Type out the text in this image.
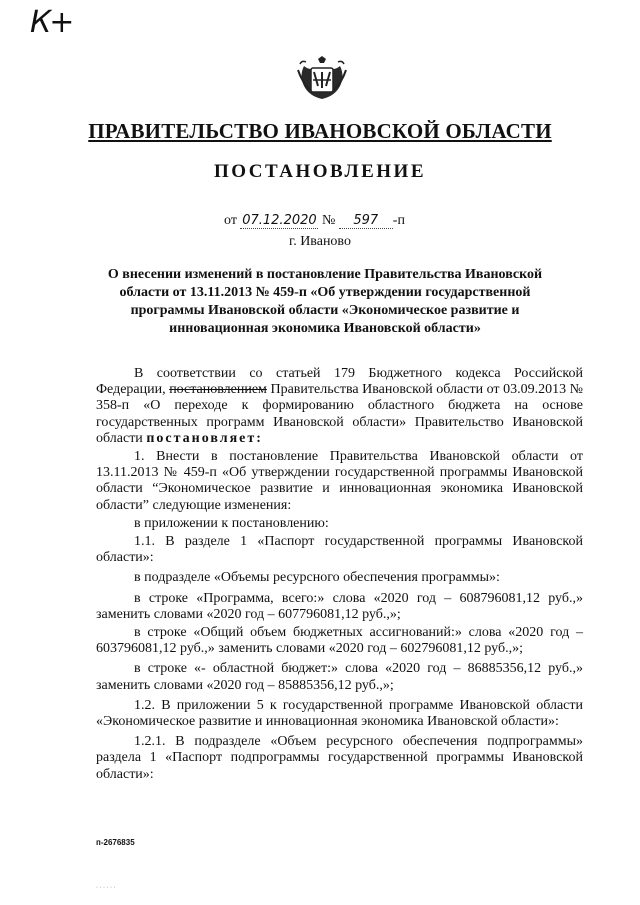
К+
ПРАВИТЕЛЬСТВО ИВАНОВСКОЙ ОБЛАСТИ
ПОСТАНОВЛЕНИЕ
от 07.12.2020 № 597 -п
г. Иваново
О внесении изменений в постановление Правительства Ивановской области от 13.11.2013 № 459-п «Об утверждении государственной программы Ивановской области «Экономическое развитие и инновационная экономика Ивановской области»

В соответствии со статьей 179 Бюджетного кодекса Российской Федерации, постановлением Правительства Ивановской области от 03.09.2013 № 358-п «О переходе к формированию областного бюджета на основе государственных программ Ивановской области» Правительство Ивановской области постановляет:

1. Внести в постановление Правительства Ивановской области от 13.11.2013 № 459-п «Об утверждении государственной программы Ивановской области “Экономическое развитие и инновационная экономика Ивановской области” следующие изменения:

в приложении к постановлению:

1.1. В разделе 1 «Паспорт государственной программы Ивановской области»:

в подразделе «Объемы ресурсного обеспечения программы»:

в строке «Программа, всего:» слова «2020 год – 608796081,12 руб.,» заменить словами «2020 год – 607796081,12 руб.,»;

в строке «Общий объем бюджетных ассигнований:» слова «2020 год – 603796081,12 руб.,» заменить словами «2020 год – 602796081,12 руб.,»;

в строке «- областной бюджет:» слова «2020 год – 86885356,12 руб.,» заменить словами «2020 год – 85885356,12 руб.,»;

1.2. В приложении 5 к государственной программе Ивановской области «Экономическое развитие и инновационная экономика Ивановской области»:

1.2.1. В подразделе «Объем ресурсного обеспечения подпрограммы» раздела 1 «Паспорт подпрограммы государственной программы Ивановской области»:

п-2676835
· · · · · ·
